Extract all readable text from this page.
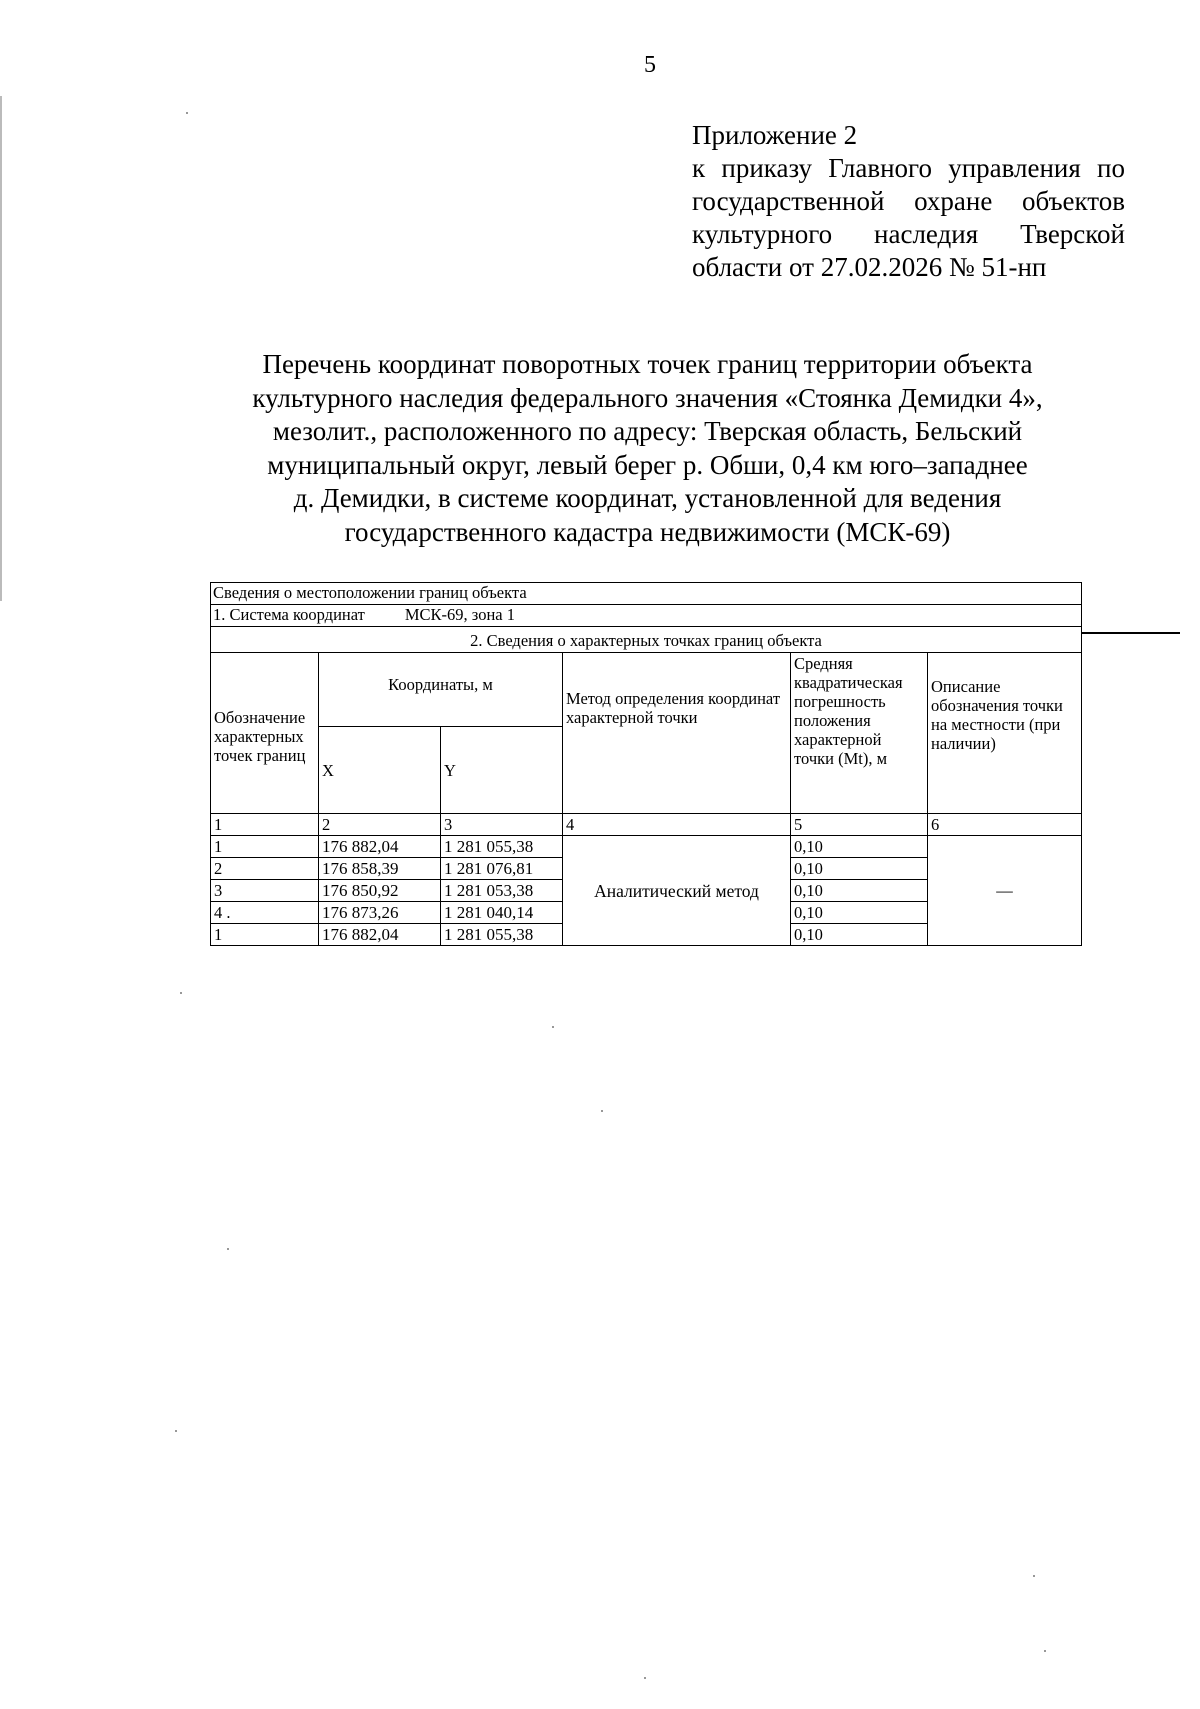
5
Приложение 2
к приказу Главного управления по
государственной охране объектов
культурного наследия Тверской
области от 27.02.2026 № 51-нп
Перечень координат поворотных точек границ территории объекта
культурного наследия федерального значения «Стоянка Демидки 4»,
мезолит., расположенного по адресу: Тверская область, Бельский
муниципальный округ, левый берег р. Обши, 0,4 км юго–западнее
д. Демидки, в системе координат, установленной для ведения
государственного кадастра недвижимости (МСК-69)
Сведения о местоположении границ объекта					
1. Система координат МСК-69, зона 1					
2. Сведения о характерных точках границ объекта					
Обозначение характерных точек границ	Координаты, м		Метод определения координат характерной точки	Средняя квадратическая погрешность положения характерной точки (Mt), м	Описание обозначения точки на местности (при наличии)
	X	Y			
1	2	3	4	5	6
1	176 882,04	1 281 055,38	Аналитический метод	0,10	—
2	176 858,39	1 281 076,81		0,10	
3	176 850,92	1 281 053,38		0,10	
4 .	176 873,26	1 281 040,14		0,10	
1	176 882,04	1 281 055,38		0,10	
